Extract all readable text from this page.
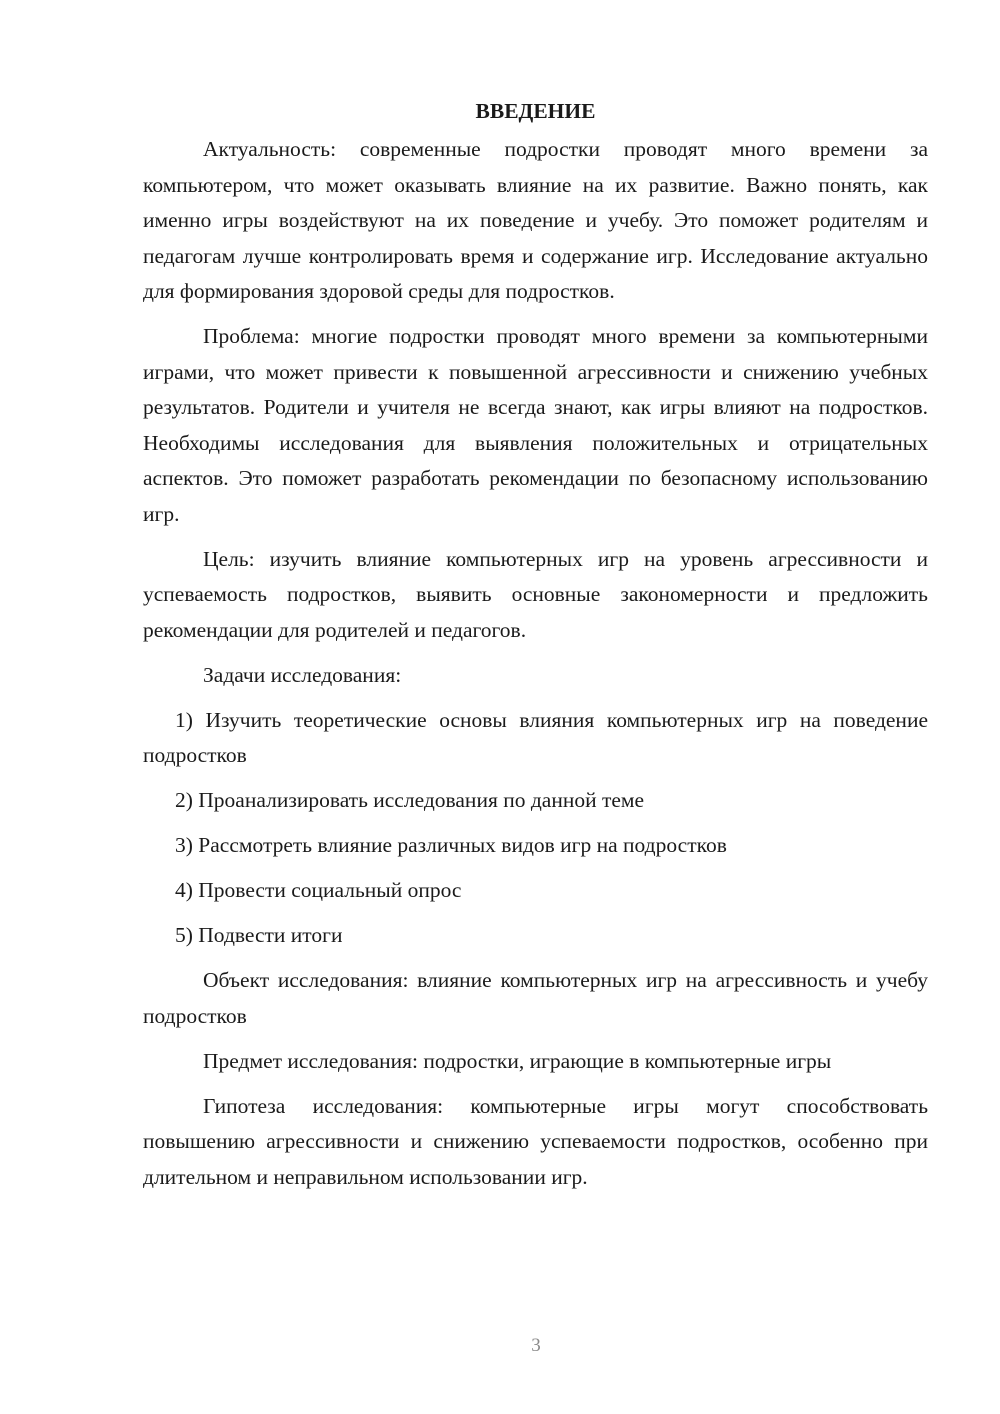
ВВЕДЕНИЕ

Актуальность: современные подростки проводят много времени за компьютером, что может оказывать влияние на их развитие. Важно понять, как именно игры воздействуют на их поведение и учебу. Это поможет родителям и педагогам лучше контролировать время и содержание игр. Исследование актуально для формирования здоровой среды для подростков.

Проблема: многие подростки проводят много времени за компьютерными играми, что может привести к повышенной агрессивности и снижению учебных результатов. Родители и учителя не всегда знают, как игры влияют на подростков. Необходимы исследования для выявления положительных и отрицательных аспектов. Это поможет разработать рекомендации по безопасному использованию игр.

Цель: изучить влияние компьютерных игр на уровень агрессивности и успеваемость подростков, выявить основные закономерности и предложить рекомендации для родителей и педагогов.

Задачи исследования:

1) Изучить теоретические основы влияния компьютерных игр на поведение подростков

2) Проанализировать исследования по данной теме

3) Рассмотреть влияние различных видов игр на подростков

4) Провести социальный опрос

5) Подвести итоги

Объект исследования: влияние компьютерных игр на агрессивность и учебу подростков

Предмет исследования: подростки, играющие в компьютерные игры

Гипотеза исследования: компьютерные игры могут способствовать повышению агрессивности и снижению успеваемости подростков, особенно при длительном и неправильном использовании игр.

3
